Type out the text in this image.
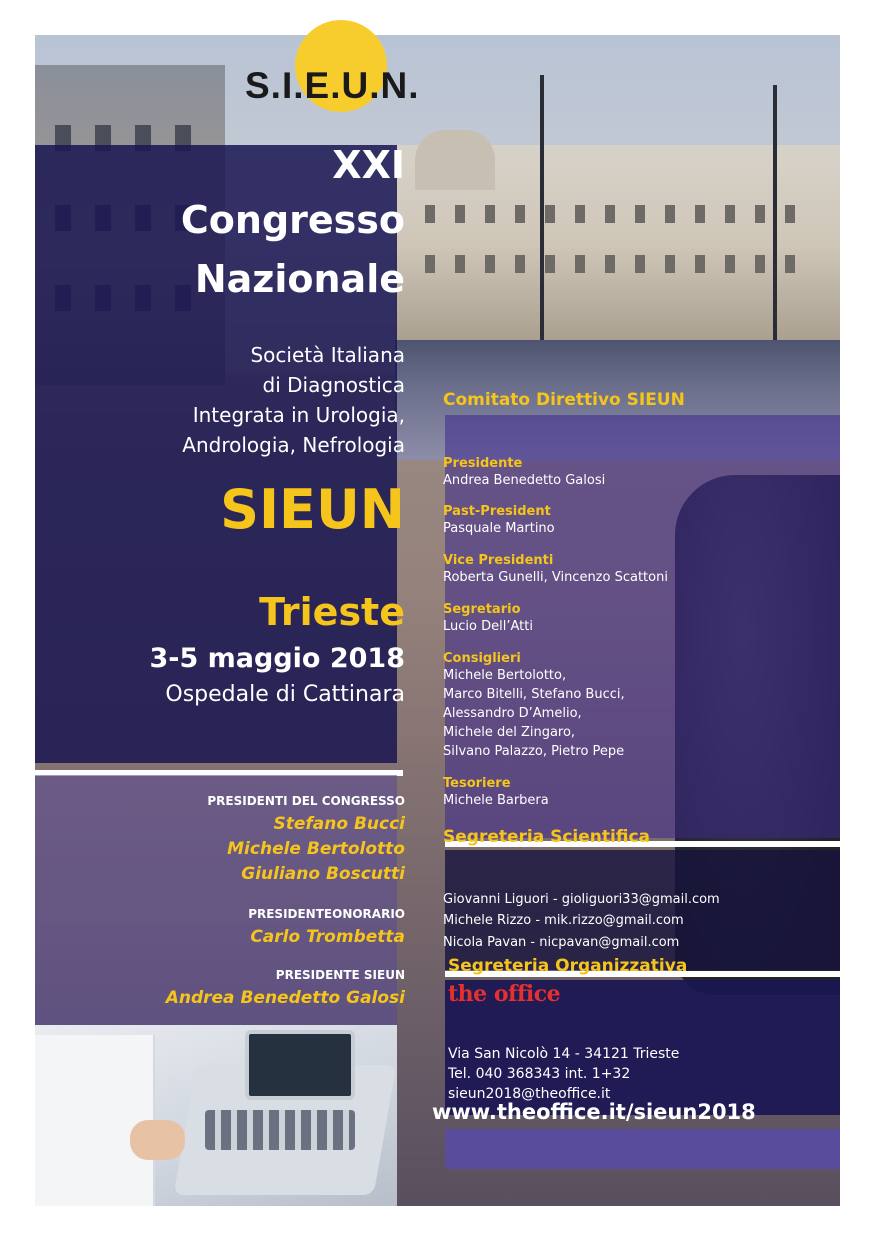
S.I.E.U.N.
XXI
Congresso
Nazionale
Società Italiana
di Diagnostica
Integrata in Urologia,
Andrologia, Nefrologia
SIEUN
Trieste
3-5 maggio 2018
Ospedale di Cattinara
PRESIDENTI DEL CONGRESSO
Stefano Bucci
Michele Bertolotto
Giuliano Boscutti
PRESIDENTEONORARIO
Carlo Trombetta
PRESIDENTE SIEUN
Andrea Benedetto Galosi
Comitato Direttivo SIEUN
Presidente
Andrea Benedetto Galosi
Past-President
Pasquale Martino
Vice Presidenti
Roberta Gunelli, Vincenzo Scattoni
Segretario
Lucio Dell’Atti
Consiglieri
Michele Bertolotto,
Marco Bitelli, Stefano Bucci,
Alessandro D’Amelio,
Michele del Zingaro,
Silvano Palazzo, Pietro Pepe
Tesoriere
Michele Barbera
Segreteria Scientifica
Giovanni Liguori - gioliguori33@gmail.com
Michele Rizzo - mik.rizzo@gmail.com
Nicola Pavan - nicpavan@gmail.com
Segreteria Organizzativa
the office
Via San Nicolò 14 - 34121 Trieste
Tel. 040 368343 int. 1+32
sieun2018@theoffice.it
www.theoffice.it/sieun2018
